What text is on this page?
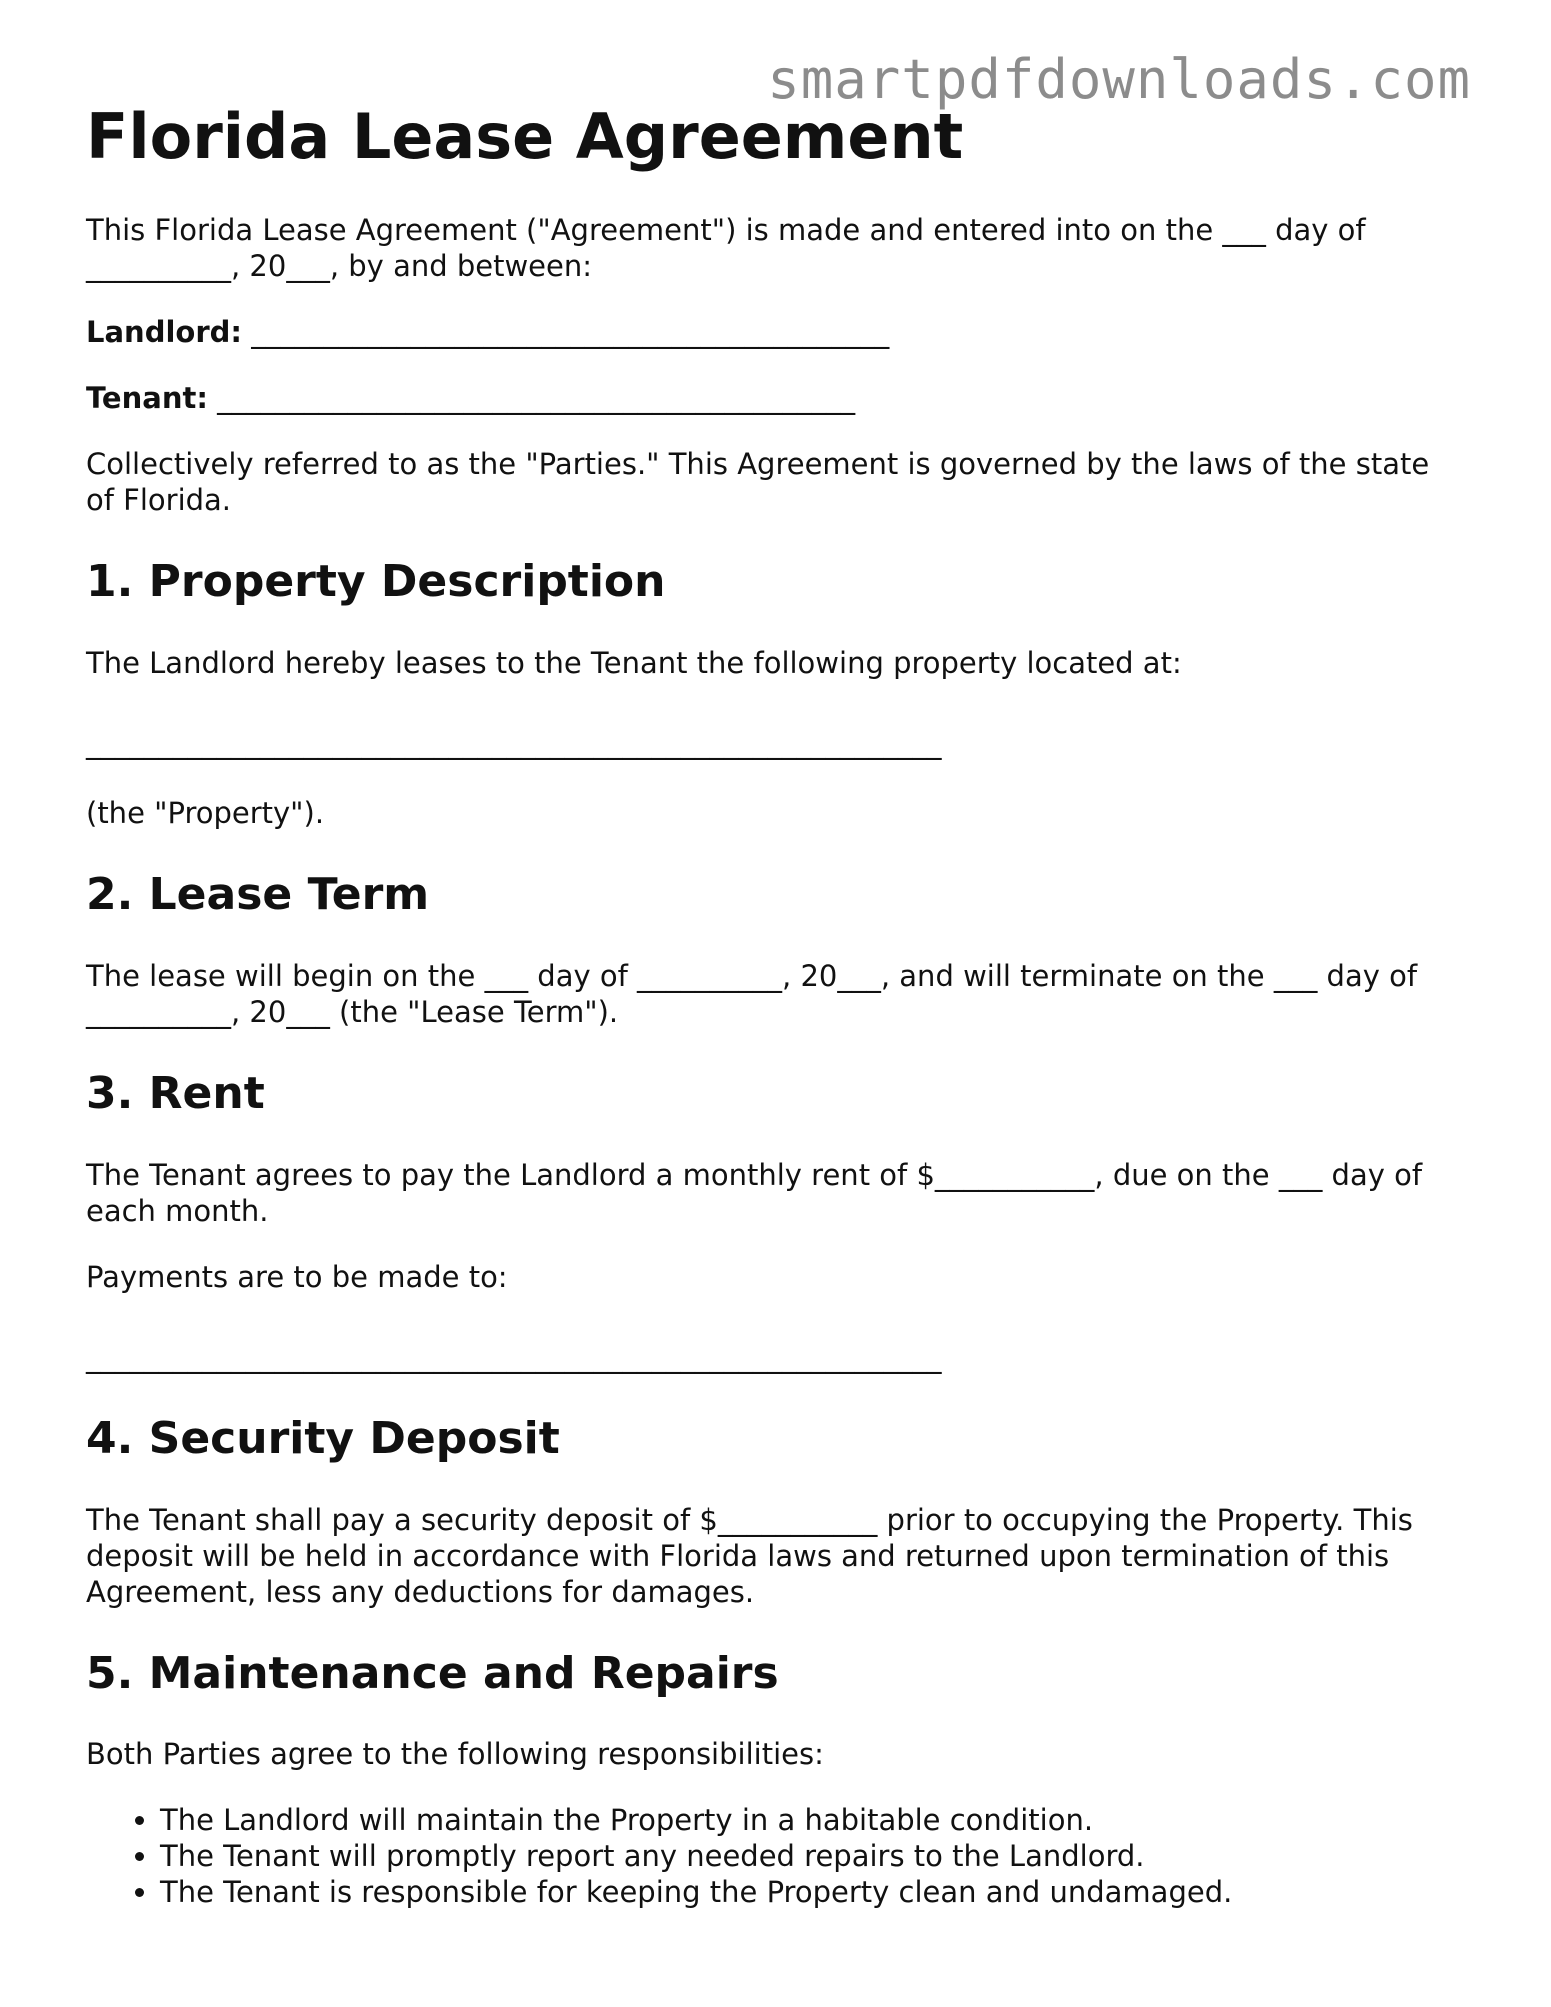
smartpdfdownloads.com
Florida Lease Agreement

This Florida Lease Agreement ("Agreement") is made and entered into on the ___ day of __________, 20___, by and between:

Landlord: ____________________________________________

Tenant: ____________________________________________

Collectively referred to as the "Parties." This Agreement is governed by the laws of the state of Florida.

1. Property Description

The Landlord hereby leases to the Tenant the following property located at:

___________________________________________________________

(the "Property").

2. Lease Term

The lease will begin on the ___ day of __________, 20___, and will terminate on the ___ day of __________, 20___ (the "Lease Term").

3. Rent

The Tenant agrees to pay the Landlord a monthly rent of $___________, due on the ___ day of each month.

Payments are to be made to:

___________________________________________________________
4. Security Deposit

The Tenant shall pay a security deposit of $___________ prior to occupying the Property. This deposit will be held in accordance with Florida laws and returned upon termination of this Agreement, less any deductions for damages.

5. Maintenance and Repairs

Both Parties agree to the following responsibilities:

• The Landlord will maintain the Property in a habitable condition.
• The Tenant will promptly report any needed repairs to the Landlord.
• The Tenant is responsible for keeping the Property clean and undamaged.
